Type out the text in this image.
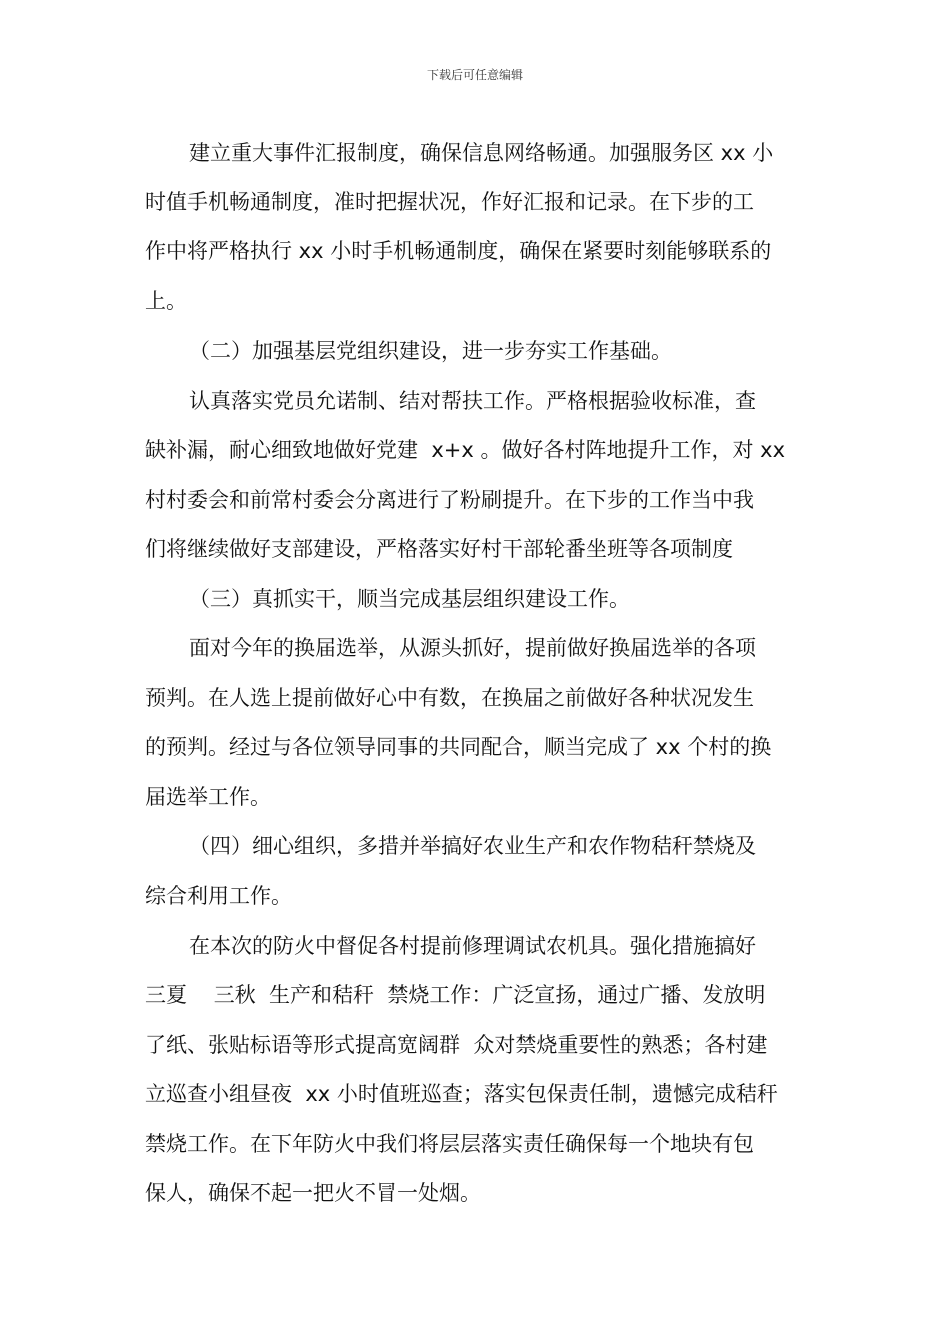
下载后可任意编辑
建立重大事件汇报制度，确保信息网络畅通。加强服务区 xx 小
时值手机畅通制度，准时把握状况，作好汇报和记录。在下步的工
作中将严格执行 xx 小时手机畅通制度，确保在紧要时刻能够联系的
上。
（二）加强基层党组织建设，进一步夯实工作基础。
认真落实党员允诺制、结对帮扶工作。严格根据验收标准，查
缺补漏，耐心细致地做好党建  x+x 。做好各村阵地提升工作，对 xx
村村委会和前常村委会分离进行了粉刷提升。在下步的工作当中我
们将继续做好支部建设，严格落实好村干部轮番坐班等各项制度
（三）真抓实干，顺当完成基层组织建设工作。
面对今年的换届选举，从源头抓好，提前做好换届选举的各项
预判。在人选上提前做好心中有数，在换届之前做好各种状况发生
的预判。经过与各位领导同事的共同配合，顺当完成了 xx 个村的换
届选举工作。
（四）细心组织，多措并举搞好农业生产和农作物秸秆禁烧及
综合利用工作。
在本次的防火中督促各村提前修理调试农机具。强化措施搞好
三夏    三秋  生产和秸秆  禁烧工作：广泛宣扬，通过广播、发放明
了纸、张贴标语等形式提高宽阔群  众对禁烧重要性的熟悉；各村建
立巡查小组昼夜  xx 小时值班巡查；落实包保责任制，遗憾完成秸秆
禁烧工作。在下年防火中我们将层层落实责任确保每一个地块有包
保人，确保不起一把火不冒一处烟。
